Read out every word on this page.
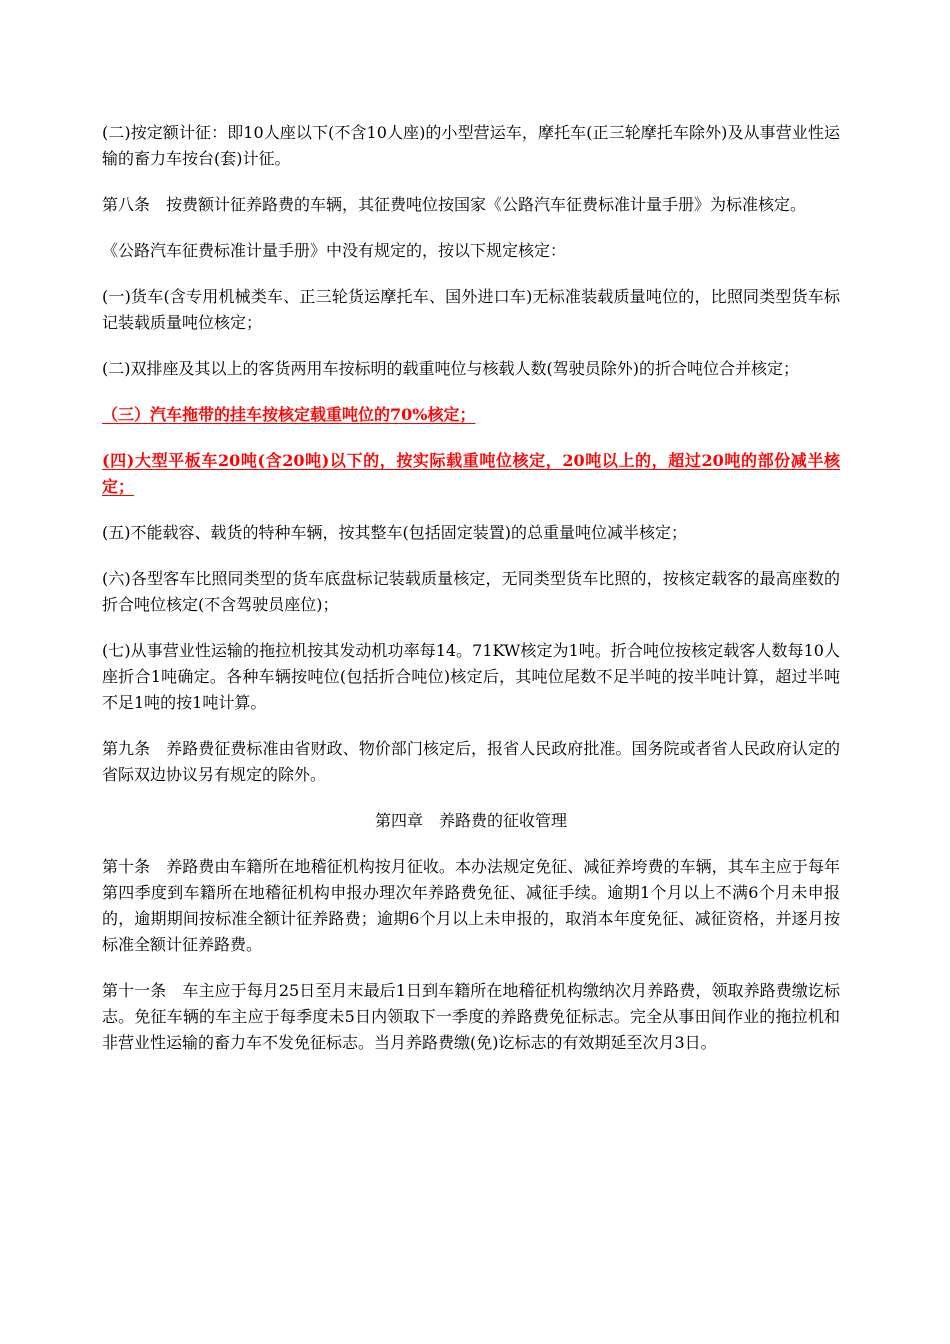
(二)按定额计征：即10人座以下(不含10人座)的小型营运车，摩托车(正三轮摩托车除外)及从事营业性运输的畜力车按台(套)计征。

第八条　按费额计征养路费的车辆，其征费吨位按国家《公路汽车征费标准计量手册》为标准核定。

《公路汽车征费标准计量手册》中没有规定的，按以下规定核定：

(一)货车(含专用机械类车、正三轮货运摩托车、国外进口车)无标准装载质量吨位的，比照同类型货车标记装载质量吨位核定；

(二)双排座及其以上的客货两用车按标明的载重吨位与核载人数(驾驶员除外)的折合吨位合并核定；

（三）汽车拖带的挂车按核定载重吨位的70%核定；

(四)大型平板车20吨(含20吨)以下的，按实际载重吨位核定，20吨以上的，超过20吨的部份减半核定；

(五)不能载容、载货的特种车辆，按其整车(包括固定装置)的总重量吨位减半核定；

(六)各型客车比照同类型的货车底盘标记装载质量核定，无同类型货车比照的，按核定载客的最高座数的折合吨位核定(不含驾驶员座位)；

(七)从事营业性运输的拖拉机按其发动机功率每14。71KW核定为1吨。折合吨位按核定载客人数每10人座折合1吨确定。各种车辆按吨位(包括折合吨位)核定后，其吨位尾数不足半吨的按半吨计算，超过半吨不足1吨的按1吨计算。

第九条　养路费征费标准由省财政、物价部门核定后，报省人民政府批准。国务院或者省人民政府认定的省际双边协议另有规定的除外。

第四章　养路费的征收管理

第十条　养路费由车籍所在地稽征机构按月征收。本办法规定免征、减征养垮费的车辆，其车主应于每年第四季度到车籍所在地稽征机构申报办理次年养路费免征、减征手续。逾期1个月以上不满6个月未申报的，逾期期间按标准全额计征养路费；逾期6个月以上未申报的，取消本年度免征、减征资格，并逐月按标准全额计征养路费。

第十一条　车主应于每月25日至月末最后1日到车籍所在地稽征机构缴纳次月养路费，领取养路费缴讫标志。免征车辆的车主应于每季度未5日内领取下一季度的养路费免征标志。完全从事田间作业的拖拉机和非营业性运输的畜力车不发免征标志。当月养路费缴(免)讫标志的有效期延至次月3日。
